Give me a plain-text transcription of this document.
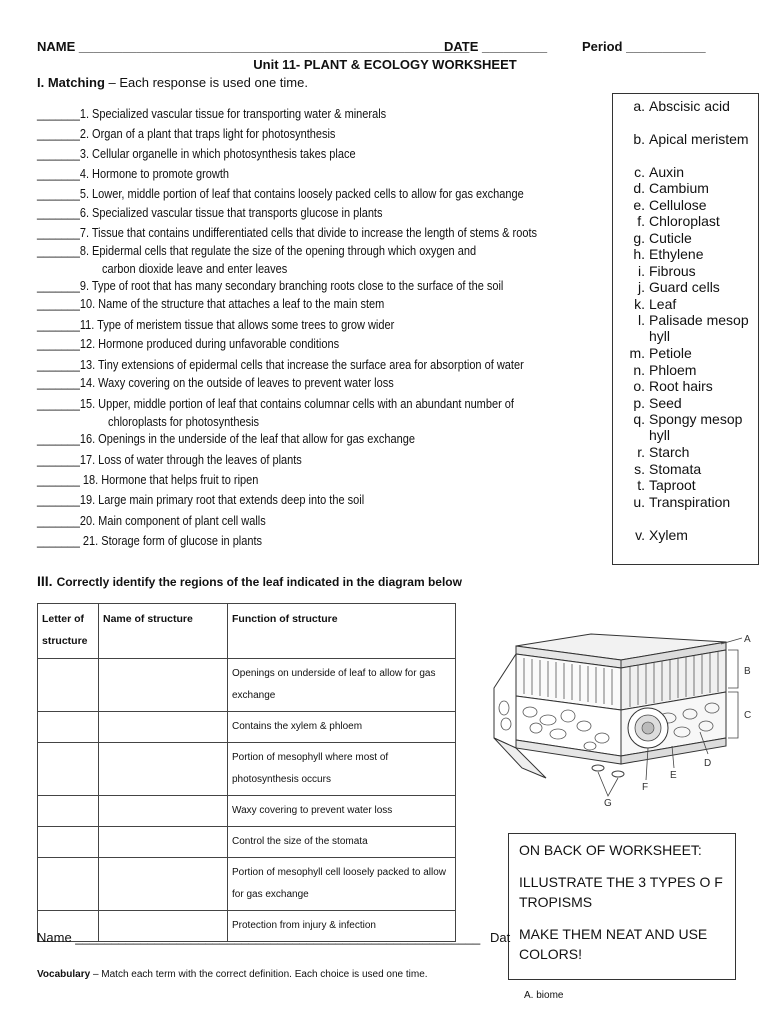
NAME ______________________________________________________
DATE _________	Period ___________
Unit 11- PLANT & ECOLOGY WORKSHEET
I. Matching – Each response is used one time.
_______1. Specialized vascular tissue for transporting water & minerals
_______2. Organ of a plant that traps light for photosynthesis
_______3. Cellular organelle in which photosynthesis takes place
_______4. Hormone to promote growth
_______5. Lower, middle portion of leaf that contains loosely packed cells to allow for gas exchange
_______6. Specialized vascular tissue that transports glucose in plants
_______7. Tissue that contains undifferentiated cells that divide to increase the length of stems & roots
_______8. Epidermal cells that regulate the size of the opening through which oxygen and
carbon dioxide leave and enter leaves
_______9. Type of root that has many secondary branching roots close to the surface of the soil
_______10. Name of the structure that attaches a leaf to the main stem
_______11. Type of meristem tissue that allows some trees to grow wider
_______12. Hormone produced during unfavorable conditions
_______13. Tiny extensions of epidermal cells that increase the surface area for absorption of water
_______14. Waxy covering on the outside of leaves to prevent water loss
_______15. Upper, middle portion of leaf that contains columnar cells with an abundant number of
chloroplasts for photosynthesis
_______16. Openings in the underside of the leaf that allow for gas exchange
_______17. Loss of water through the leaves of plants
_______ 18. Hormone that helps fruit to ripen
_______19. Large main primary root that extends deep into the soil
_______20. Main component of plant cell walls
_______ 21. Storage form of glucose in plants
a. Abscisic acid
b. Apical meristem
c. Auxin
d. Cambium
e. Cellulose
f. Chloroplast
g. Cuticle
h. Ethylene
i. Fibrous
j. Guard cells
k. Leaf
l. Palisade mesophyll
m. Petiole
n. Phloem
o. Root hairs
p. Seed
q. Spongy mesophyll
r. Starch
s. Stomata
t. Taproot
u. Transpiration
v. Xylem
III. Correctly identify the regions of the leaf indicated in the diagram below
Letter of structure	Name of structure	Function of structure
		Openings on underside of leaf to allow for gas exchange
		Contains the xylem & phloem
		Portion of mesophyll where most of photosynthesis occurs
		Waxy covering to prevent water loss
		Control the size of the stomata
		Portion of mesophyll cell loosely packed to allow for gas exchange
		Protection from injury & infection
A
B
C
D
E
F
G

ON BACK OF WORKSHEET:

ILLUSTRATE THE 3 TYPES O F TROPISMS

MAKE THEM NEAT AND USE COLORS!

Name ________________________________________________________ Dat
Vocabulary – Match each term with the correct definition. Each choice is used one time.
A. biome
